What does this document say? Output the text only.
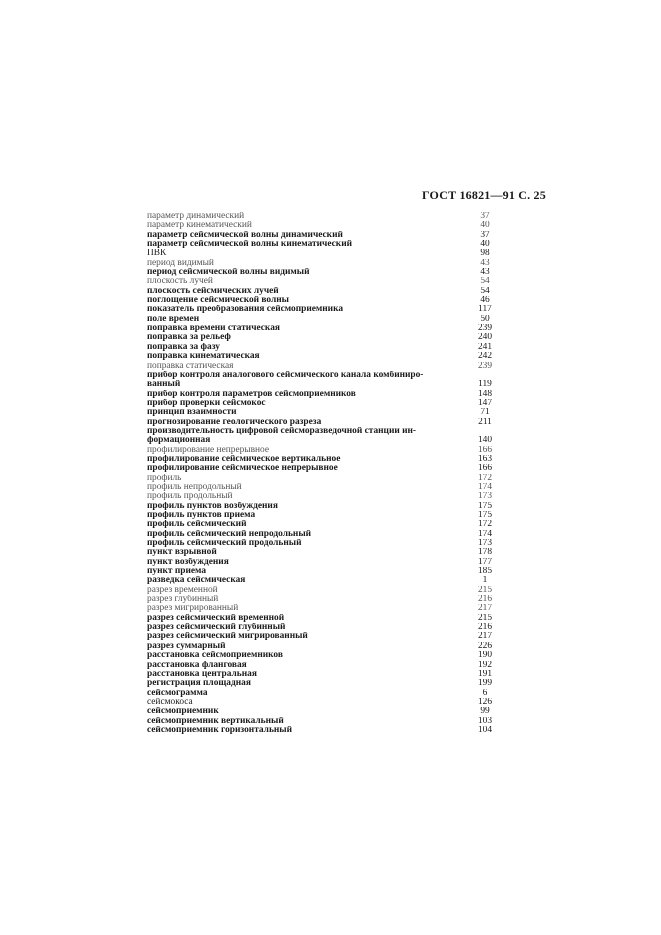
ГОСТ 16821—91 С. 25
параметр динамический	37
параметр кинематический	40
параметр сейсмической волны динамический	37
параметр сейсмической волны кинематический	40
ПВК	98
период видимый	43
период сейсмической волны видимый	43
плоскость лучей	54
плоскость сейсмических лучей	54
поглощение сейсмической волны	46
показатель преобразования сейсмоприемника	117
поле времен	50
поправка времени статическая	239
поправка за рельеф	240
поправка за фазу	241
поправка кинематическая	242
поправка статическая	239
прибор контроля аналогового сейсмического канала комбиниро-
ванный	119
прибор контроля параметров сейсмоприемников	148
прибор проверки сейсмокос	147
принцип взаимности	71
прогнозирование геологического разреза	211
производительность цифровой сейсморазведочной станции ин-
формационная	140
профилирование непрерывное	166
профилирование сейсмическое вертикальное	163
профилирование сейсмическое непрерывное	166
профиль	172
профиль непродольный	174
профиль продольный	173
профиль пунктов возбуждения	175
профиль пунктов приема	175
профиль сейсмический	172
профиль сейсмический непродольный	174
профиль сейсмический продольный	173
пункт взрывной	178
пункт возбуждения	177
пункт приема	185
разведка сейсмическая	1
разрез временной	215
разрез глубинный	216
разрез мигрированный	217
разрез сейсмический временной	215
разрез сейсмический глубинный	216
разрез сейсмический мигрированный	217
разрез суммарный	226
расстановка сейсмоприемников	190
расстановка фланговая	192
расстановка центральная	191
регистрация площадная	199
сейсмограмма	6
сейсмокоса	126
сейсмоприемник	99
сейсмоприемник вертикальный	103
сейсмоприемник горизонтальный	104
